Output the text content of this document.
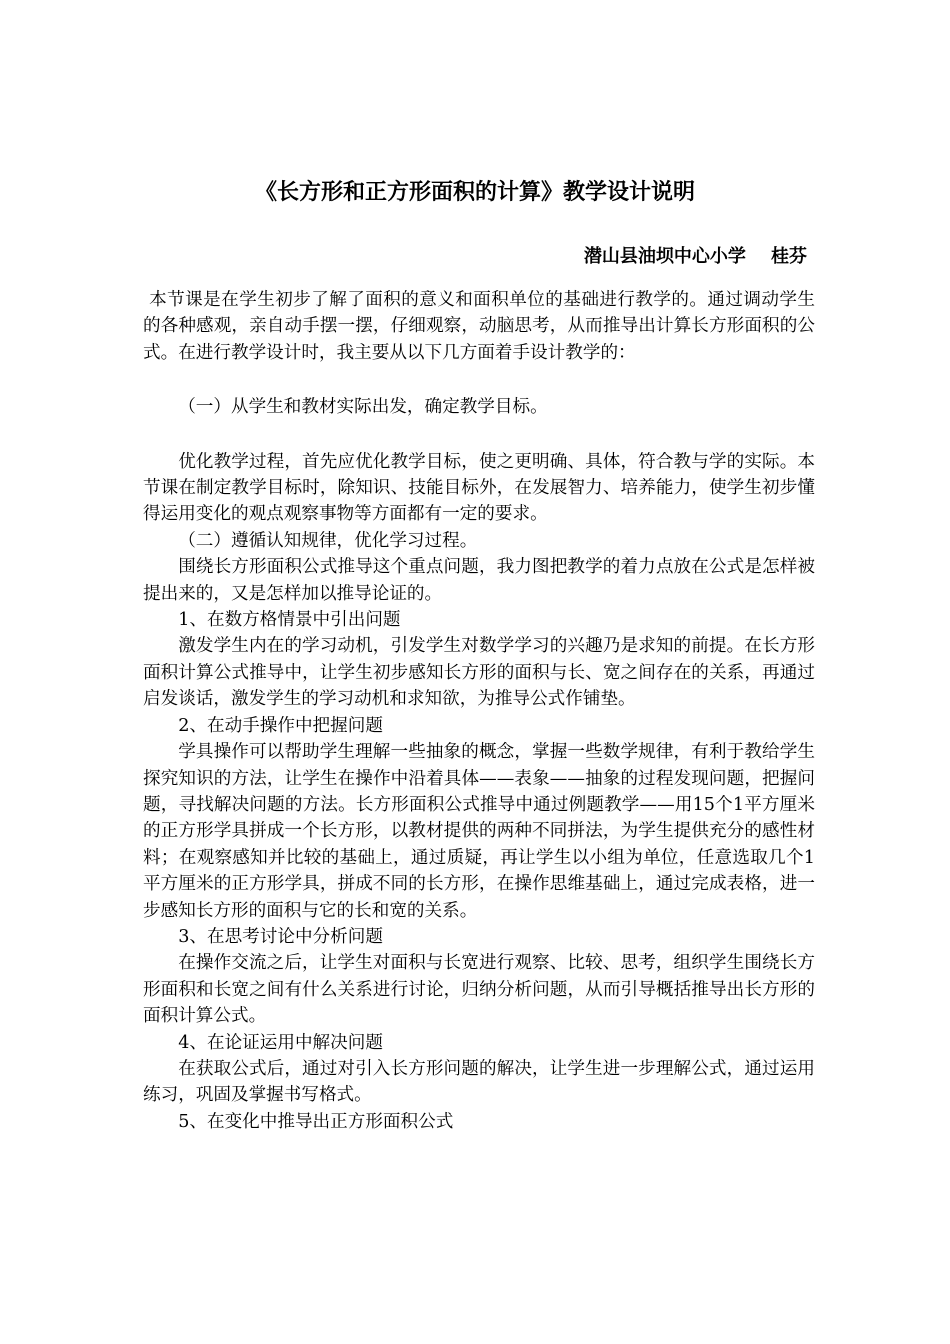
《长方形和正方形面积的计算》教学设计说明
潜山县油坝中心小学    桂芬

本节课是在学生初步了解了面积的意义和面积单位的基础进行教学的。通过调动学生的各种感观，亲自动手摆一摆，仔细观察，动脑思考，从而推导出计算长方形面积的公式。在进行教学设计时，我主要从以下几方面着手设计教学的：

（一）从学生和教材实际出发，确定教学目标。

优化教学过程，首先应优化教学目标，使之更明确、具体，符合教与学的实际。本节课在制定教学目标时，除知识、技能目标外，在发展智力、培养能力，使学生初步懂得运用变化的观点观察事物等方面都有一定的要求。

（二）遵循认知规律，优化学习过程。

围绕长方形面积公式推导这个重点问题，我力图把教学的着力点放在公式是怎样被提出来的，又是怎样加以推导论证的。

1、在数方格情景中引出问题

激发学生内在的学习动机，引发学生对数学学习的兴趣乃是求知的前提。在长方形面积计算公式推导中，让学生初步感知长方形的面积与长、宽之间存在的关系，再通过启发谈话，激发学生的学习动机和求知欲，为推导公式作铺垫。

2、在动手操作中把握问题

学具操作可以帮助学生理解一些抽象的概念，掌握一些数学规律，有利于教给学生探究知识的方法，让学生在操作中沿着具体——表象——抽象的过程发现问题，把握问题，寻找解决问题的方法。长方形面积公式推导中通过例题教学——用15个1平方厘米的正方形学具拼成一个长方形，以教材提供的两种不同拼法，为学生提供充分的感性材料；在观察感知并比较的基础上，通过质疑，再让学生以小组为单位，任意选取几个1平方厘米的正方形学具，拼成不同的长方形，在操作思维基础上，通过完成表格，进一步感知长方形的面积与它的长和宽的关系。

3、在思考讨论中分析问题

在操作交流之后，让学生对面积与长宽进行观察、比较、思考，组织学生围绕长方形面积和长宽之间有什么关系进行讨论，归纳分析问题，从而引导概括推导出长方形的面积计算公式。

4、在论证运用中解决问题

在获取公式后，通过对引入长方形问题的解决，让学生进一步理解公式，通过运用练习，巩固及掌握书写格式。

5、在变化中推导出正方形面积公式
